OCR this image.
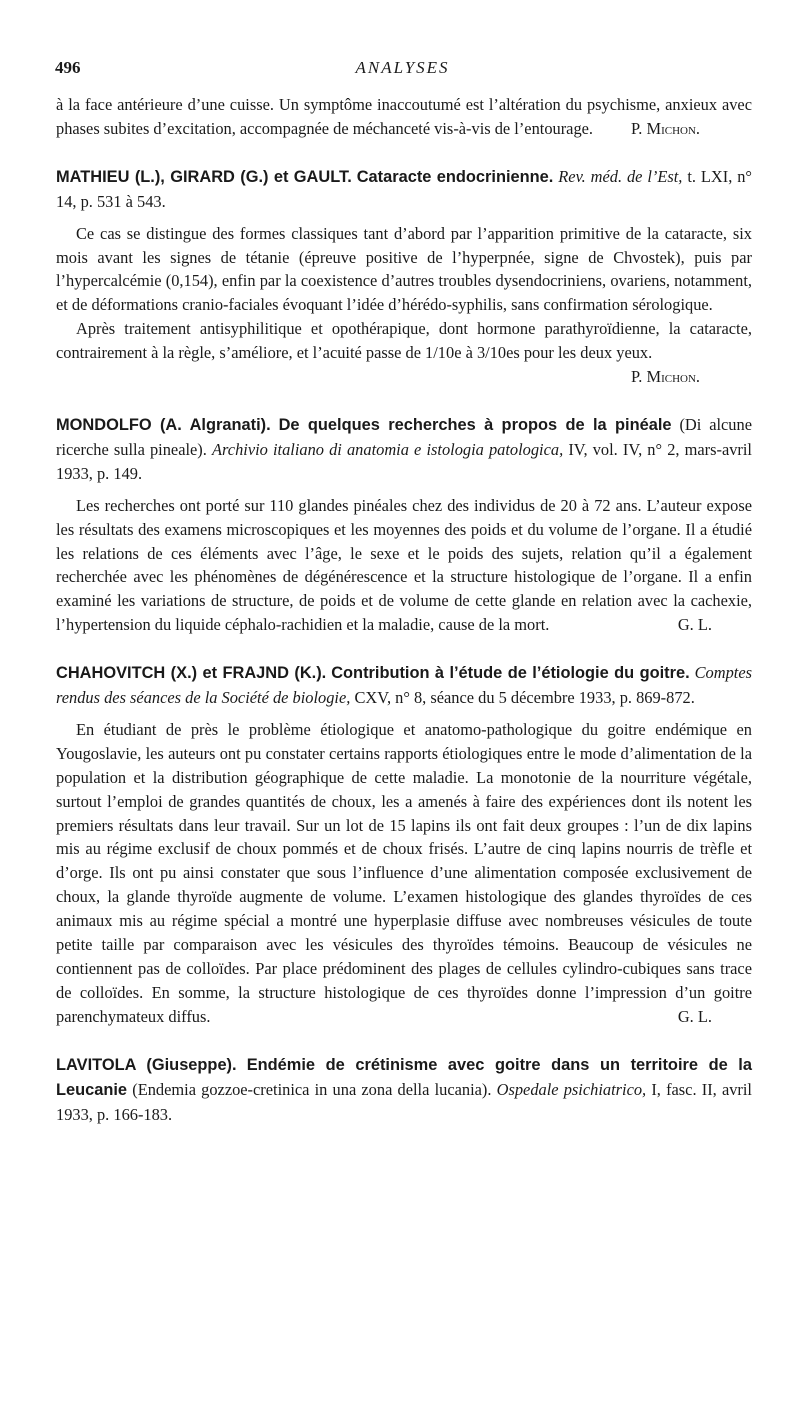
496	ANALYSES

à la face antérieure d’une cuisse. Un symptôme inaccoutumé est l’altération du psychisme, anxieux avec phases subites d’excitation, accompagnée de méchanceté vis-à-vis de l’entourage. P. Michon.

MATHIEU (L.), GIRARD (G.) et GAULT. Cataracte endocrinienne. Rev. méd. de l’Est, t. LXI, n° 14, p. 531 à 543.

Ce cas se distingue des formes classiques tant d’abord par l’apparition primitive de la cataracte, six mois avant les signes de tétanie (épreuve positive de l’hyperpnée, signe de Chvostek), puis par l’hypercalcémie (0,154), enfin par la coexistence d’autres troubles dysendocriniens, ovariens, notamment, et de déformations cranio-faciales évoquant l’idée d’hérédo-syphilis, sans confirmation sérologique.

Après traitement antisyphilitique et opothérapique, dont hormone parathyroïdienne, la cataracte, contrairement à la règle, s’améliore, et l’acuité passe de 1/10e à 3/10es pour les deux yeux.
P. Michon.

MONDOLFO (A. Algranati). De quelques recherches à propos de la pinéale (Di alcune ricerche sulla pineale). Archivio italiano di anatomia e istologia patologica, IV, vol. IV, n° 2, mars-avril 1933, p. 149.

Les recherches ont porté sur 110 glandes pinéales chez des individus de 20 à 72 ans. L’auteur expose les résultats des examens microscopiques et les moyennes des poids et du volume de l’organe. Il a étudié les relations de ces éléments avec l’âge, le sexe et le poids des sujets, relation qu’il a également recherchée avec les phénomènes de dégénérescence et la structure histologique de l’organe. Il a enfin examiné les variations de structure, de poids et de volume de cette glande en relation avec la cachexie, l’hypertension du liquide céphalo-rachidien et la maladie, cause de la mort.	G. L.

CHAHOVITCH (X.) et FRAJND (K.). Contribution à l’étude de l’étiologie du goitre. Comptes rendus des séances de la Société de biologie, CXV, n° 8, séance du 5 décembre 1933, p. 869-872.

En étudiant de près le problème étiologique et anatomo-pathologique du goitre endémique en Yougoslavie, les auteurs ont pu constater certains rapports étiologiques entre le mode d’alimentation de la population et la distribution géographique de cette maladie. La monotonie de la nourriture végétale, surtout l’emploi de grandes quantités de choux, les a amenés à faire des expériences dont ils notent les premiers résultats dans leur travail. Sur un lot de 15 lapins ils ont fait deux groupes : l’un de dix lapins mis au régime exclusif de choux pommés et de choux frisés. L’autre de cinq lapins nourris de trèfle et d’orge. Ils ont pu ainsi constater que sous l’influence d’une alimentation composée exclusivement de choux, la glande thyroïde augmente de volume. L’examen histologique des glandes thyroïdes de ces animaux mis au régime spécial a montré une hyperplasie diffuse avec nombreuses vésicules de toute petite taille par comparaison avec les vésicules des thyroïdes témoins. Beaucoup de vésicules ne contiennent pas de colloïdes. Par place prédominent des plages de cellules cylindro-cubiques sans trace de colloïdes. En somme, la structure histologique de ces thyroïdes donne l’impression d’un goitre parenchymateux diffus.	G. L.

LAVITOLA (Giuseppe). Endémie de crétinisme avec goitre dans un territoire de la Leucanie (Endemia gozzoe-cretinica in una zona della lucania). Ospedale psichiatrico, I, fasc. II, avril 1933, p. 166-183.
